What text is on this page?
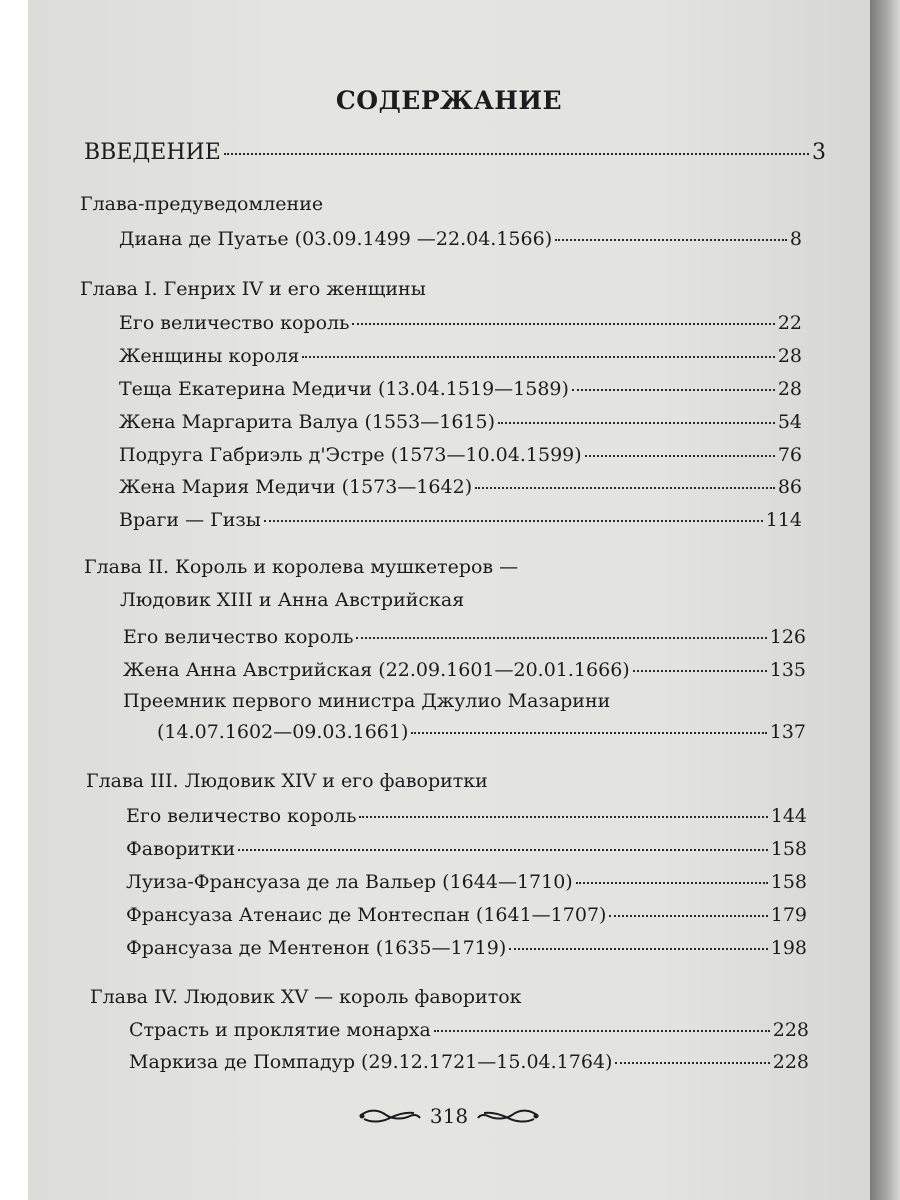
СОДЕРЖАНИЕ
ВВЕДЕНИЕ	3
Глава-предуведомление
Диана де Пуатье (03.09.1499 —22.04.1566)	8
Глава I. Генрих IV и его женщины
Его величество король	22
Женщины короля	28
Теща Екатерина Медичи (13.04.1519—1589)	28
Жена Маргарита Валуа (1553—1615)	54
Подруга Габриэль д'Эстре (1573—10.04.1599)	76
Жена Мария Медичи (1573—1642)	86
Враги — Гизы	114
Глава II. Король и королева мушкетеров —
Людовик XIII и Анна Австрийская
Его величество король	126
Жена Анна Австрийская (22.09.1601—20.01.1666)	135
Преемник первого министра Джулио Мазарини
(14.07.1602—09.03.1661)	137
Глава III. Людовик XIV и его фаворитки
Его величество король	144
Фаворитки	158
Луиза-Франсуаза де ла Вальер (1644—1710)	158
Франсуаза Атенаис де Монтеспан (1641—1707)	179
Франсуаза де Ментенон (1635—1719)	198
Глава IV. Людовик XV — король фавориток
Страсть и проклятие монарха	228
Маркиза де Помпадур (29.12.1721—15.04.1764)	228
318
